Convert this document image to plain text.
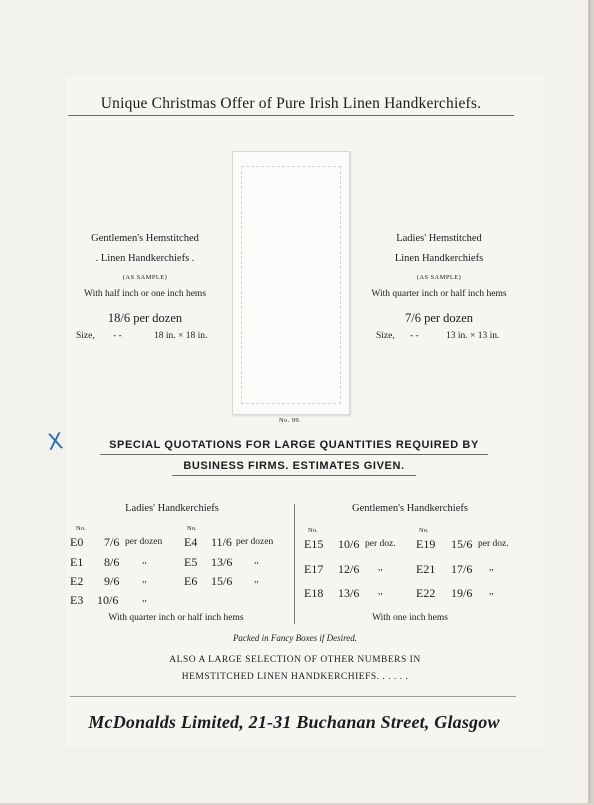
Unique Christmas Offer of Pure Irish Linen Handkerchiefs.
No. 99.
Gentlemen's Hemstitched
. Linen Handkerchiefs .
(AS SAMPLE)
With half inch or one inch hems
18/6 per dozen
Size, - -	18 in. × 18 in.
Ladies' Hemstitched
Linen Handkerchiefs
(AS SAMPLE)
With quarter inch or half inch hems
7/6 per dozen
Size, - -	13 in. × 13 in.
X	SPECIAL QUOTATIONS FOR LARGE QUANTITIES REQUIRED BY
BUSINESS FIRMS. ESTIMATES GIVEN.
Ladies' Handkerchiefs
No.	No.
E0 7/6 per dozen
E1 8/6 ,,
E2 9/6 ,,
E3 10/6 ,,
E4 11/6 per dozen
E5 13/6 ,,
E6 15/6 ,,
With quarter inch or half inch hems
Gentlemen's Handkerchiefs
No.	No.
E15 10/6 per doz.
E17 12/6 ,,
E18 13/6 ,,
E19 15/6 per doz.
E21 17/6 ,,
E22 19/6 ,,
With one inch hems
Packed in Fancy Boxes if Desired.
ALSO A LARGE SELECTION OF OTHER NUMBERS IN
HEMSTITCHED LINEN HANDKERCHIEFS. . . . . .
McDonalds Limited, 21-31 Buchanan Street, Glasgow
